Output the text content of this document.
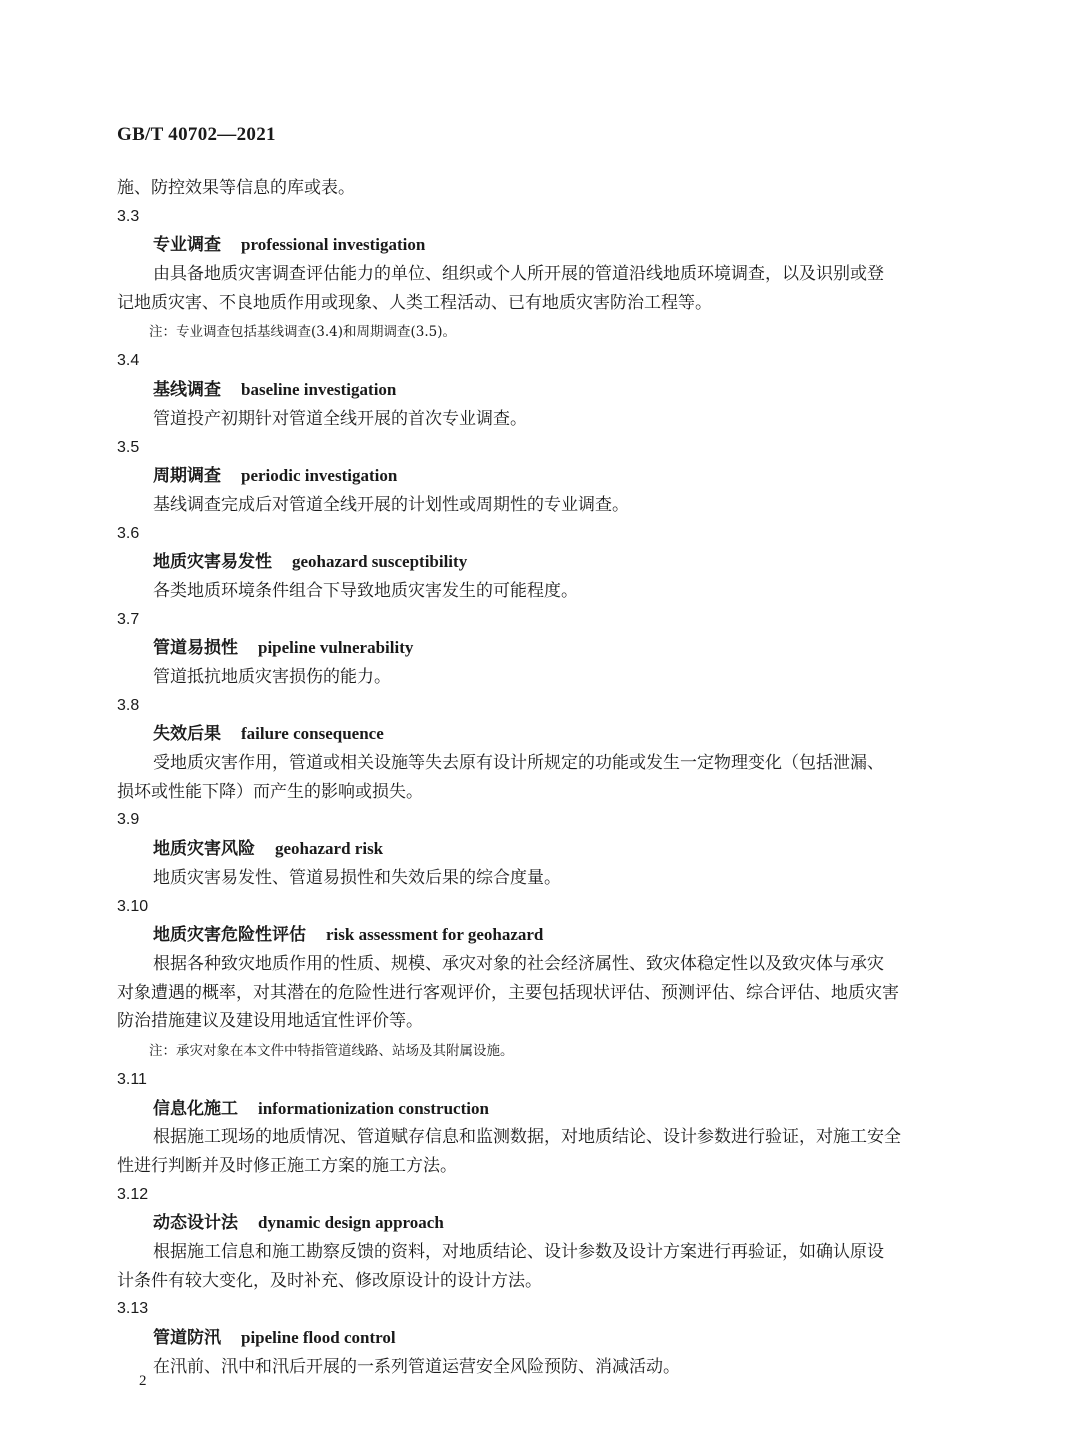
GB/T 40702—2021
施、防控效果等信息的库或表。
3.3
专业调查 professional investigation
由具备地质灾害调查评估能力的单位、组织或个人所开展的管道沿线地质环境调查，以及识别或登
记地质灾害、不良地质作用或现象、人类工程活动、已有地质灾害防治工程等。
注：专业调查包括基线调查(3.4)和周期调查(3.5)。
3.4
基线调查 baseline investigation
管道投产初期针对管道全线开展的首次专业调查。
3.5
周期调查 periodic investigation
基线调查完成后对管道全线开展的计划性或周期性的专业调查。
3.6
地质灾害易发性 geohazard susceptibility
各类地质环境条件组合下导致地质灾害发生的可能程度。
3.7
管道易损性 pipeline vulnerability
管道抵抗地质灾害损伤的能力。
3.8
失效后果 failure consequence
受地质灾害作用，管道或相关设施等失去原有设计所规定的功能或发生一定物理变化（包括泄漏、
损坏或性能下降）而产生的影响或损失。
3.9
地质灾害风险 geohazard risk
地质灾害易发性、管道易损性和失效后果的综合度量。
3.10
地质灾害危险性评估 risk assessment for geohazard
根据各种致灾地质作用的性质、规模、承灾对象的社会经济属性、致灾体稳定性以及致灾体与承灾
对象遭遇的概率，对其潜在的危险性进行客观评价，主要包括现状评估、预测评估、综合评估、地质灾害
防治措施建议及建设用地适宜性评价等。
注：承灾对象在本文件中特指管道线路、站场及其附属设施。
3.11
信息化施工 informationization construction
根据施工现场的地质情况、管道赋存信息和监测数据，对地质结论、设计参数进行验证，对施工安全
性进行判断并及时修正施工方案的施工方法。
3.12
动态设计法 dynamic design approach
根据施工信息和施工勘察反馈的资料，对地质结论、设计参数及设计方案进行再验证，如确认原设
计条件有较大变化，及时补充、修改原设计的设计方法。
3.13
管道防汛 pipeline flood control
在汛前、汛中和汛后开展的一系列管道运营安全风险预防、消减活动。
2
